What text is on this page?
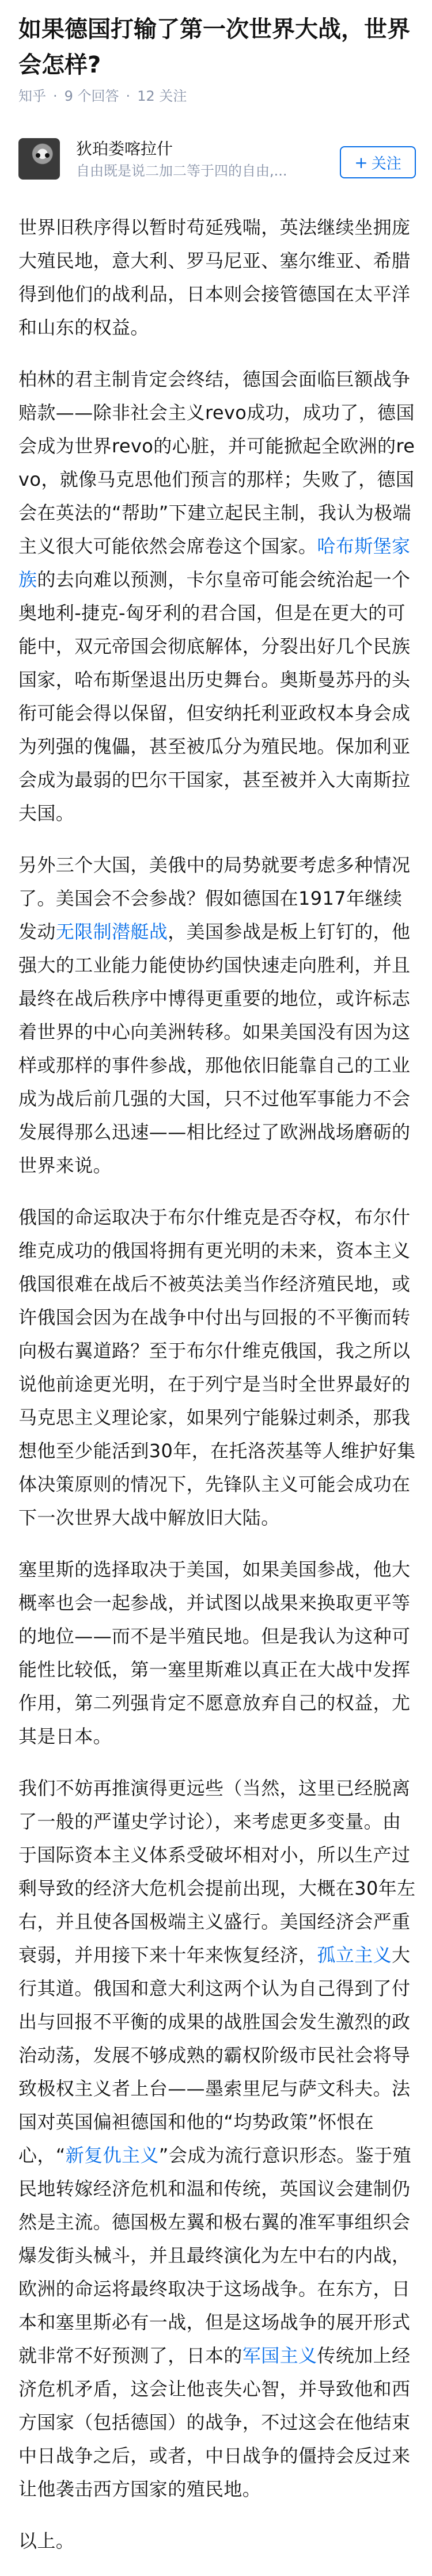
如果德国打输了第一次世界大战，世界会怎样?
知乎 · 9 个回答 · 12 关注
狄珀娄喀拉什
自由既是说二加二等于四的自由,...	+ 关注

世界旧秩序得以暂时苟延残喘，英法继续坐拥庞大殖民地，意大利、罗马尼亚、塞尔维亚、希腊得到他们的战利品，日本则会接管德国在太平洋和山东的权益。

柏林的君主制肯定会终结，德国会面临巨额战争赔款——除非社会主义revo成功，成功了，德国会成为世界revo的心脏，并可能掀起全欧洲的revo，就像马克思他们预言的那样；失败了，德国会在英法的“帮助”下建立起民主制，我认为极端主义很大可能依然会席卷这个国家。哈布斯堡家族的去向难以预测，卡尔皇帝可能会统治起一个奥地利-捷克-匈牙利的君合国，但是在更大的可能中，双元帝国会彻底解体，分裂出好几个民族国家，哈布斯堡退出历史舞台。奥斯曼苏丹的头衔可能会得以保留，但安纳托利亚政权本身会成为列强的傀儡，甚至被瓜分为殖民地。保加利亚会成为最弱的巴尔干国家，甚至被并入大南斯拉夫国。

另外三个大国，美俄中的局势就要考虑多种情况了。美国会不会参战？假如德国在1917年继续发动无限制潜艇战，美国参战是板上钉钉的，他强大的工业能力能使协约国快速走向胜利，并且最终在战后秩序中博得更重要的地位，或许标志着世界的中心向美洲转移。如果美国没有因为这样或那样的事件参战，那他依旧能靠自己的工业成为战后前几强的大国，只不过他军事能力不会发展得那么迅速——相比经过了欧洲战场磨砺的世界来说。

俄国的命运取决于布尔什维克是否夺权，布尔什维克成功的俄国将拥有更光明的未来，资本主义俄国很难在战后不被英法美当作经济殖民地，或许俄国会因为在战争中付出与回报的不平衡而转向极右翼道路？至于布尔什维克俄国，我之所以说他前途更光明，在于列宁是当时全世界最好的马克思主义理论家，如果列宁能躲过刺杀，那我想他至少能活到30年，在托洛茨基等人维护好集体决策原则的情况下，先锋队主义可能会成功在下一次世界大战中解放旧大陆。

塞里斯的选择取决于美国，如果美国参战，他大概率也会一起参战，并试图以战果来换取更平等的地位——而不是半殖民地。但是我认为这种可能性比较低，第一塞里斯难以真正在大战中发挥作用，第二列强肯定不愿意放弃自己的权益，尤其是日本。

我们不妨再推演得更远些（当然，这里已经脱离了一般的严谨史学讨论），来考虑更多变量。由于国际资本主义体系受破坏相对小，所以生产过剩导致的经济大危机会提前出现，大概在30年左右，并且使各国极端主义盛行。美国经济会严重衰弱，并用接下来十年来恢复经济，孤立主义大行其道。俄国和意大利这两个认为自己得到了付出与回报不平衡的成果的战胜国会发生激烈的政治动荡，发展不够成熟的霸权阶级市民社会将导致极权主义者上台——墨索里尼与萨文科夫。法国对英国偏袒德国和他的“均势政策”怀恨在心，“新复仇主义”会成为流行意识形态。鉴于殖民地转嫁经济危机和温和传统，英国议会建制仍然是主流。德国极左翼和极右翼的准军事组织会爆发街头械斗，并且最终演化为左中右的内战，欧洲的命运将最终取决于这场战争。在东方，日本和塞里斯必有一战，但是这场战争的展开形式就非常不好预测了，日本的军国主义传统加上经济危机矛盾，这会让他丧失心智，并导致他和西方国家（包括德国）的战争，不过这会在他结束中日战争之后，或者，中日战争的僵持会反过来让他袭击西方国家的殖民地。

以上。
